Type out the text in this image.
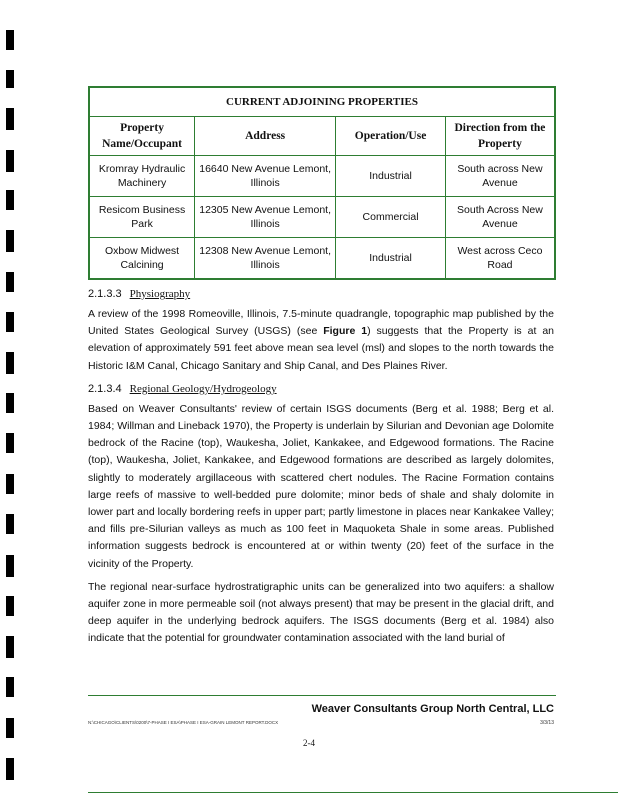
CURRENT ADJOINING PROPERTIES			
Property Name/Occupant	Address	Operation/Use	Direction from the Property
Kromray Hydraulic Machinery	16640 New Avenue Lemont, Illinois	Industrial	South across New Avenue
Resicom Business Park	12305 New Avenue Lemont, Illinois	Commercial	South Across New Avenue
Oxbow Midwest Calcining	12308 New Avenue Lemont, Illinois	Industrial	West across Ceco Road
2.1.3.3 Physiography

A review of the 1998 Romeoville, Illinois, 7.5-minute quadrangle, topographic map published by the United States Geological Survey (USGS) (see Figure 1) suggests that the Property is at an elevation of approximately 591 feet above mean sea level (msl) and slopes to the north towards the Historic I&M Canal, Chicago Sanitary and Ship Canal, and Des Plaines River.

2.1.3.4 Regional Geology/Hydrogeology

Based on Weaver Consultants' review of certain ISGS documents (Berg et al. 1988; Berg et al. 1984; Willman and Lineback 1970), the Property is underlain by Silurian and Devonian age Dolomite bedrock of the Racine (top), Waukesha, Joliet, Kankakee, and Edgewood formations. The Racine (top), Waukesha, Joliet, Kankakee, and Edgewood formations are described as largely dolomites, slightly to moderately argillaceous with scattered chert nodules. The Racine Formation contains large reefs of massive to well-bedded pure dolomite; minor beds of shale and shaly dolomite in lower part and locally bordering reefs in upper part; partly limestone in places near Kankakee Valley; and fills pre-Silurian valleys as much as 100 feet in Maquoketa Shale in some areas. Published information suggests bedrock is encountered at or within twenty (20) feet of the surface in the vicinity of the Property.

The regional near-surface hydrostratigraphic units can be generalized into two aquifers: a shallow aquifer zone in more permeable soil (not always present) that may be present in the glacial drift, and deep aquifer in the underlying bedrock aquifers. The ISGS documents (Berg et al. 1984) also indicate that the potential for groundwater contamination associated with the land burial of

Weaver Consultants Group North Central, LLC
N:\CHICAGO\CLIENTS\0200\7-PHASE I ESA\PHASE I ESA-GRAIN LEMONT REPORT.DOCX	3/3/13
2-4
